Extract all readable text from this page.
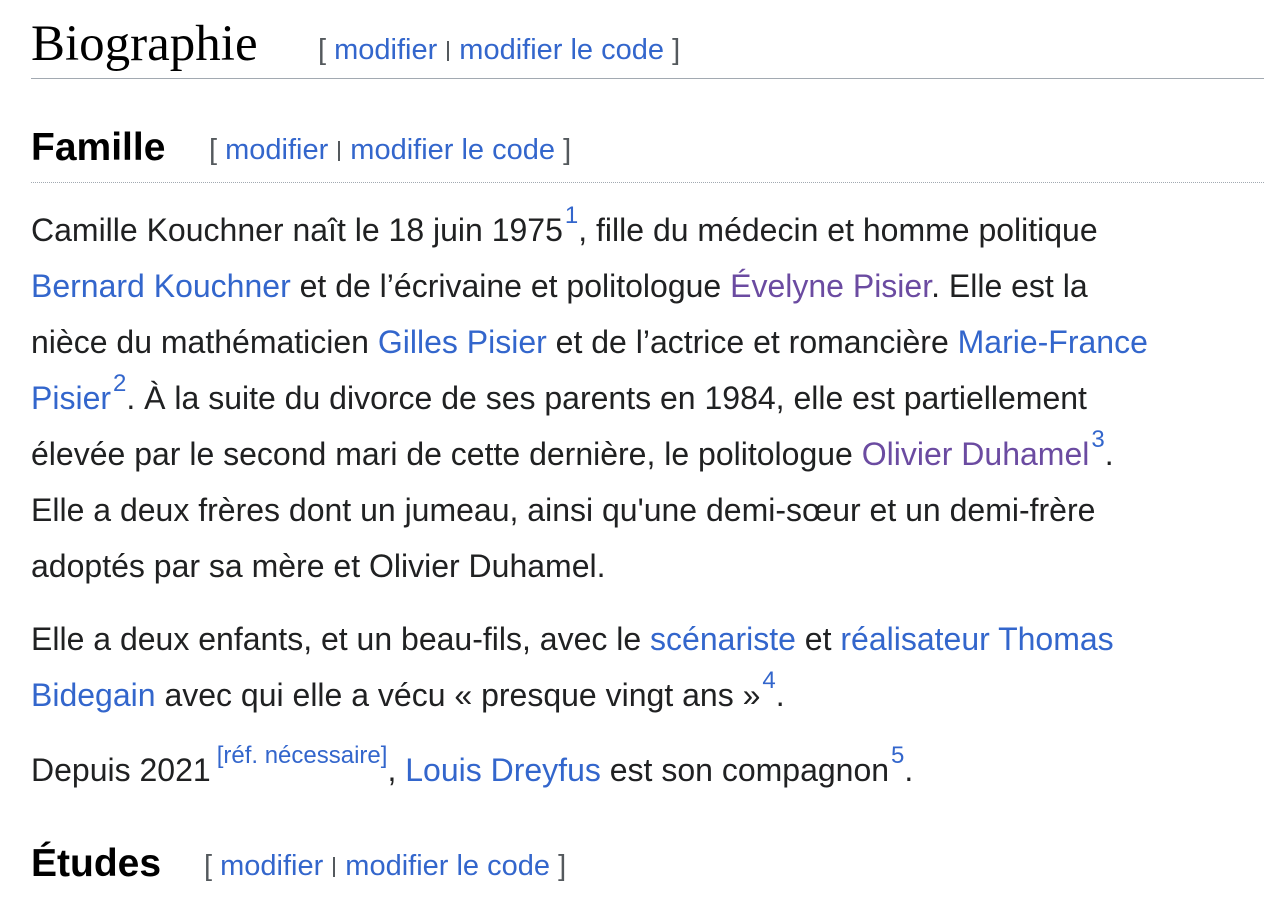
Biographie [ modifier modifier le code ]
Famille [ modifier modifier le code ]
Camille Kouchner naît le 18 juin 1975$^1$, fille du médecin et homme politique
Bernard Kouchner et de l’écrivaine et politologue Évelyne Pisier. Elle est la
nièce du mathématicien Gilles Pisier et de l’actrice et romancière Marie-France
Pisier$^2$. À la suite du divorce de ses parents en 1984, elle est partiellement
élevée par le second mari de cette dernière, le politologue Olivier Duhamel$^3$.
Elle a deux frères dont un jumeau, ainsi qu'une demi-sœur et un demi-frère
adoptés par sa mère et Olivier Duhamel.
Elle a deux enfants, et un beau-fils, avec le scénariste et réalisateur Thomas
Bidegain avec qui elle a vécu « presque vingt ans »$^4$.
Depuis 2021 [réf. nécessaire], Louis Dreyfus est son compagnon$^5$.
Études [ modifier modifier le code ]
